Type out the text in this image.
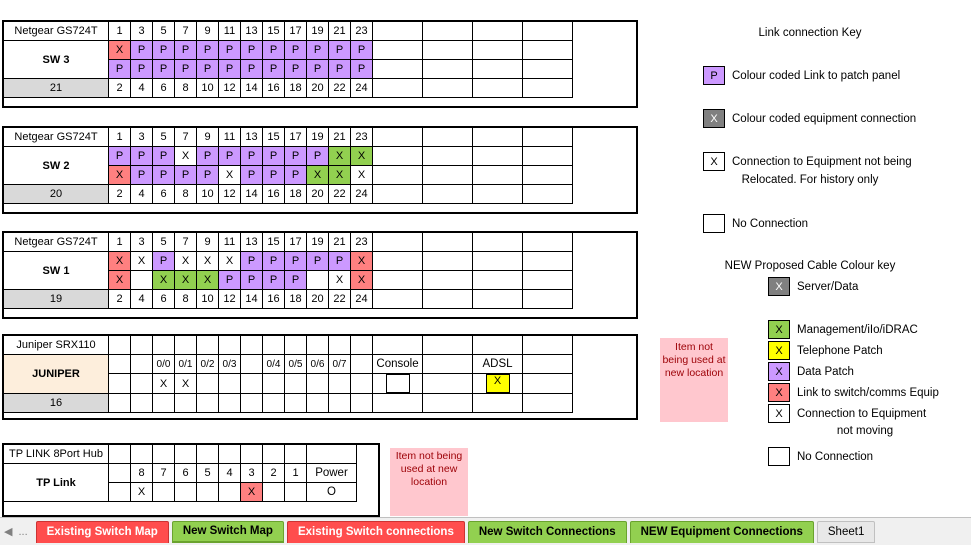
Netgear GS724T	1	3	5	7	9	11	13	15	17	19	21	23				
SW 3	X	P	P	P	P	P	P	P	P	P	P	P				
	P	P	P	P	P	P	P	P	P	P	P	P				
21	2	4	6	8	10	12	14	16	18	20	22	24				
Netgear GS724T	1	3	5	7	9	11	13	15	17	19	21	23				
SW 2	P	P	P	X	P	P	P	P	P	P	X	X				
	X	P	P	P	P	X	P	P	P	X	X	X				
20	2	4	6	8	10	12	14	16	18	20	22	24				
Netgear GS724T	1	3	5	7	9	11	13	15	17	19	21	23				
SW 1	X	X	P	X	X	X	P	P	P	P	P	X				
	X		X	X	X	P	P	P	P		X	X				
19	2	4	6	8	10	12	14	16	18	20	22	24				
Juniper SRX110																
JUNIPER			0/0	0/1	0/2	0/3		0/4	0/5	0/6	0/7		Console		ADSL	
			X	X											X	

16																
Item not being used at new location
TP LINK 8Port Hub										
TP Link		8	7	6	5	4	3	2	1	Power
		X					X			O
Item not being used at new location
Link connection Key
P	Colour coded Link to patch panel
X	Colour coded equipment connection
X	Connection to Equipment not being
Relocated. For history only
No Connection
NEW Proposed Cable Colour key
X	Server/Data
X	Management/iIo/iDRAC
X	Telephone Patch
X	Data Patch
X	Link to switch/comms Equip
X	Connection to Equipment
not moving
No Connection
◀ ...	Existing Switch Map	New Switch Map	Existing Switch connections	New Switch Connections	NEW Equipment Connections	Sheet1
